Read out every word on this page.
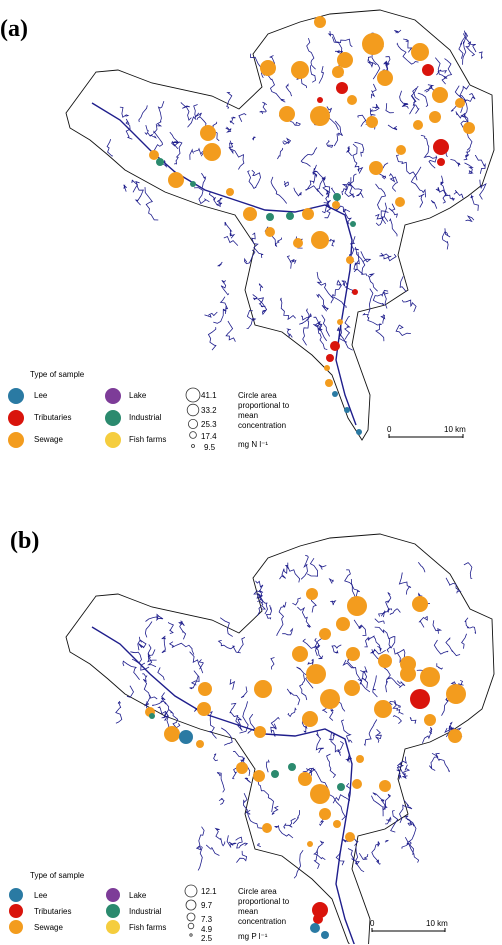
(a)
Type of sample
Lee
Tributaries
Sewage
Lake
Industrial
Fish farms
41.1
33.2
25.3
17.4
9.5
Circle area
proportional to
mean
concentration
mg N l⁻¹
0	10 km
(b)
Type of sample
Lee
Tributaries
Sewage
Lake
Industrial
Fish farms
12.1
9.7
7.3
4.9
2.5
Circle area
proportional to
mean
concentration
mg P l⁻¹
0	10 km
